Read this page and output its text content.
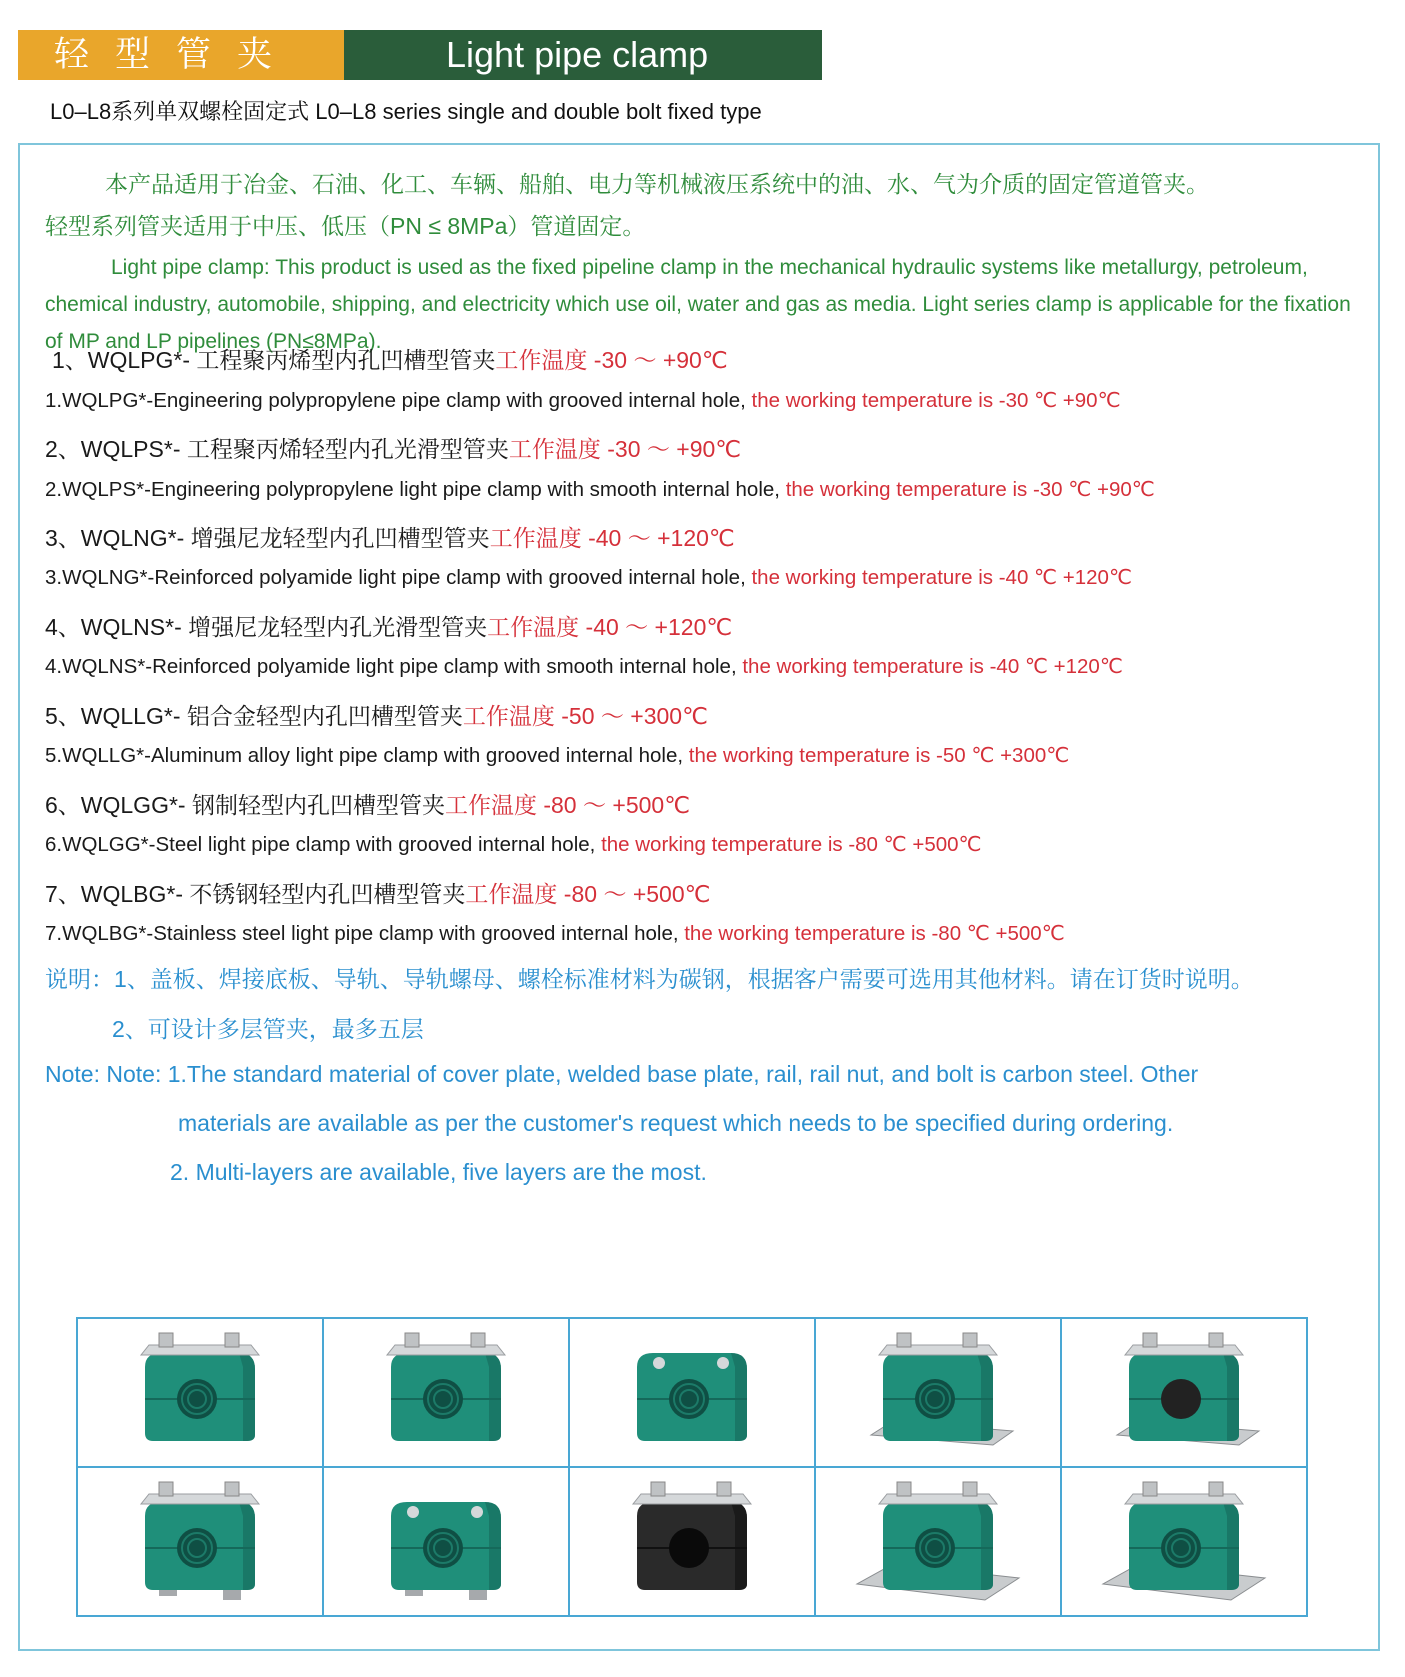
轻型管夹	Light pipe clamp
L0–L8系列单双螺栓固定式 L0–L8 series single and double bolt fixed type
本产品适用于冶金、石油、化工、车辆、船舶、电力等机械液压系统中的油、水、气为介质的固定管道管夹。
轻型系列管夹适用于中压、低压（PN ≤ 8MPa）管道固定。
Light pipe clamp: This product is used as the fixed pipeline clamp in the mechanical hydraulic systems like metallurgy, petroleum, chemical industry, automobile, shipping, and electricity which use oil, water and gas as media. Light series clamp is applicable for the fixation of MP and LP pipelines (PN≤8MPa).
1、WQLPG*- 工程聚丙烯型内孔凹槽型管夹工作温度 -30 ～ +90℃
1.WQLPG*-Engineering polypropylene pipe clamp with grooved internal hole, the working temperature is -30 ℃ +90℃
2、WQLPS*- 工程聚丙烯轻型内孔光滑型管夹工作温度 -30 ～ +90℃
2.WQLPS*-Engineering polypropylene light pipe clamp with smooth internal hole, the working temperature is -30 ℃ +90℃
3、WQLNG*- 增强尼龙轻型内孔凹槽型管夹工作温度 -40 ～ +120℃
3.WQLNG*-Reinforced polyamide light pipe clamp with grooved internal hole, the working temperature is -40 ℃ +120℃
4、WQLNS*- 增强尼龙轻型内孔光滑型管夹工作温度 -40 ～ +120℃
4.WQLNS*-Reinforced polyamide light pipe clamp with smooth internal hole, the working temperature is -40 ℃ +120℃
5、WQLLG*- 铝合金轻型内孔凹槽型管夹工作温度 -50 ～ +300℃
5.WQLLG*-Aluminum alloy light pipe clamp with grooved internal hole, the working temperature is -50 ℃ +300℃
6、WQLGG*- 钢制轻型内孔凹槽型管夹工作温度 -80 ～ +500℃
6.WQLGG*-Steel light pipe clamp with grooved internal hole, the working temperature is -80 ℃ +500℃
7、WQLBG*- 不锈钢轻型内孔凹槽型管夹工作温度 -80 ～ +500℃
7.WQLBG*-Stainless steel light pipe clamp with grooved internal hole, the working temperature is -80 ℃ +500℃
说明：1、盖板、焊接底板、导轨、导轨螺母、螺栓标准材料为碳钢，根据客户需要可选用其他材料。请在订货时说明。
2、可设计多层管夹，最多五层
Note: Note: 1.The standard material of cover plate, welded base plate, rail, rail nut, and bolt is carbon steel. Other
materials are available as per the customer's request which needs to be specified during ordering.
2. Multi-layers are available, five layers are the most.
